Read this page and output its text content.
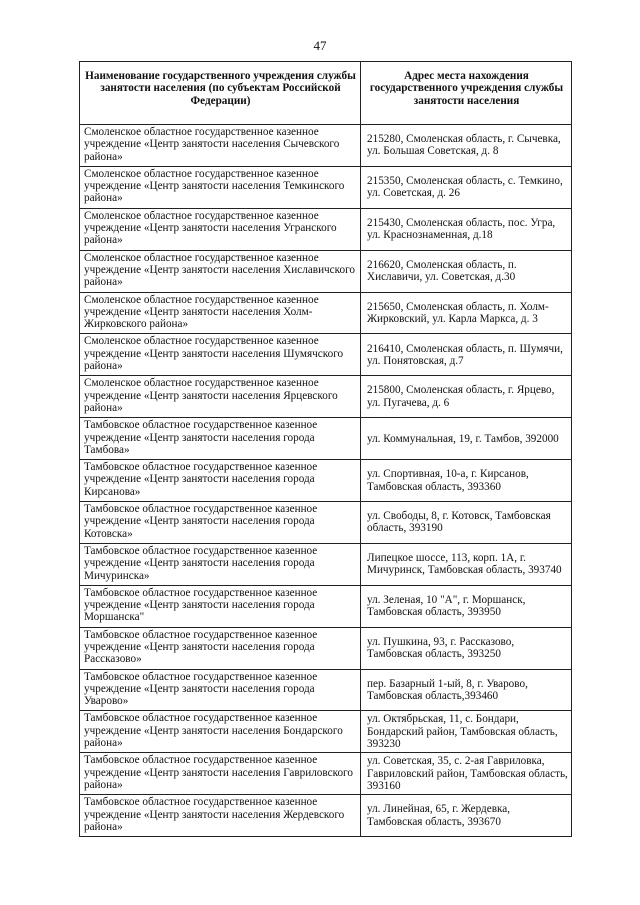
47
Наименование государственного учреждения службы занятости населения (по субъектам Российской Федерации)	Адрес места нахождения государственного учреждения службы занятости населения
Смоленское областное государственное казенное учреждение «Центр занятости населения Сычевского района»	215280, Смоленская область, г. Сычевка, ул. Большая Советская, д. 8
Смоленское областное государственное казенное учреждение «Центр занятости населения Темкинского района»	215350, Смоленская область, с. Темкино, ул. Советская, д. 26
Смоленское областное государственное казенное учреждение «Центр занятости населения Угранского района»	215430, Смоленская область, пос. Угра, ул. Краснознаменная, д.18
Смоленское областное государственное казенное учреждение «Центр занятости населения Хиславичского района»	216620, Смоленская область, п. Хиславичи, ул. Советская, д.30
Смоленское областное государственное казенное учреждение «Центр занятости населения Холм-Жирковского района»	215650, Смоленская область, п. Холм-Жирковский, ул. Карла Маркса, д. 3
Смоленское областное государственное казенное учреждение «Центр занятости населения Шумячского района»	216410, Смоленская область, п. Шумячи, ул. Понятовская, д.7
Смоленское областное государственное казенное учреждение «Центр занятости населения Ярцевского района»	215800, Смоленская область, г. Ярцево, ул. Пугачева, д. 6
Тамбовское областное государственное казенное учреждение «Центр занятости населения города Тамбова»	ул. Коммунальная, 19, г. Тамбов, 392000
Тамбовское областное государственное казенное учреждение «Центр занятости населения города Кирсанова»	ул. Спортивная, 10-а, г. Кирсанов, Тамбовская область, 393360
Тамбовское областное государственное казенное учреждение «Центр занятости населения города Котовска»	ул. Свободы, 8, г. Котовск, Тамбовская область, 393190
Тамбовское областное государственное казенное учреждение «Центр занятости населения города Мичуринска»	Липецкое шоссе, 113, корп. 1А, г. Мичуринск, Тамбовская область, 393740
Тамбовское областное государственное казенное учреждение «Центр занятости населения города Моршанска"	ул. Зеленая, 10 "А", г. Моршанск, Тамбовская область, 393950
Тамбовское областное государственное казенное учреждение «Центр занятости населения города Рассказово»	ул. Пушкина, 93, г. Рассказово, Тамбовская область, 393250
Тамбовское областное государственное казенное учреждение «Центр занятости населения города Уварово»	пер. Базарный 1-ый, 8, г. Уварово, Тамбовская область,393460
Тамбовское областное государственное казенное учреждение «Центр занятости населения Бондарского района»	ул. Октябрьская, 11, с. Бондари, Бондарский район, Тамбовская область, 393230
Тамбовское областное государственное казенное учреждение «Центр занятости населения Гавриловского района»	ул. Советская, 35, с. 2-ая Гавриловка, Гавриловский район, Тамбовская область, 393160
Тамбовское областное государственное казенное учреждение «Центр занятости населения Жердевского района»	ул. Линейная, 65, г. Жердевка, Тамбовская область, 393670
